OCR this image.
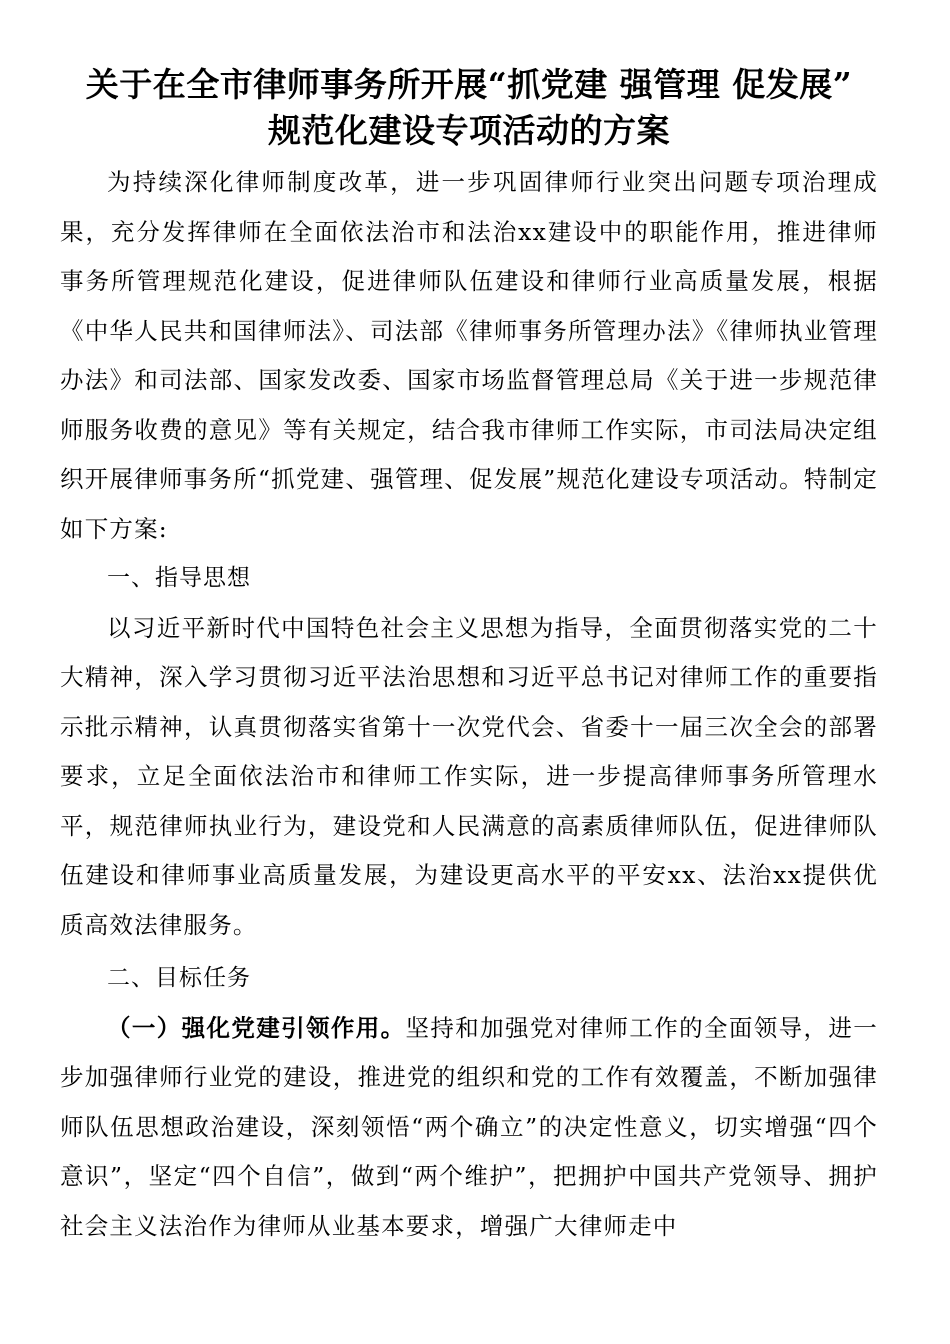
关于在全市律师事务所开展“抓党建 强管理 促发展”
规范化建设专项活动的方案

为持续深化律师制度改革，进一步巩固律师行业突出问题专项治理成果，充分发挥律师在全面依法治市和法治xx建设中的职能作用，推进律师事务所管理规范化建设，促进律师队伍建设和律师行业高质量发展，根据《中华人民共和国律师法》、司法部《律师事务所管理办法》《律师执业管理办法》和司法部、国家发改委、国家市场监督管理总局《关于进一步规范律师服务收费的意见》等有关规定，结合我市律师工作实际，市司法局决定组织开展律师事务所“抓党建、强管理、促发展”规范化建设专项活动。特制定如下方案:

一、指导思想

以习近平新时代中国特色社会主义思想为指导，全面贯彻落实党的二十大精神，深入学习贯彻习近平法治思想和习近平总书记对律师工作的重要指示批示精神，认真贯彻落实省第十一次党代会、省委十一届三次全会的部署要求，立足全面依法治市和律师工作实际，进一步提高律师事务所管理水平，规范律师执业行为，建设党和人民满意的高素质律师队伍，促进律师队伍建设和律师事业高质量发展，为建设更高水平的平安xx、法治xx提供优质高效法律服务。

二、目标任务

（一）强化党建引领作用。坚持和加强党对律师工作的全面领导，进一步加强律师行业党的建设，推进党的组织和党的工作有效覆盖，不断加强律师队伍思想政治建设，深刻领悟“两个确立”的决定性意义，切实增强“四个意识”，坚定“四个自信”，做到“两个维护”，把拥护中国共产党领导、拥护社会主义法治作为律师从业基本要求，增强广大律师走中
